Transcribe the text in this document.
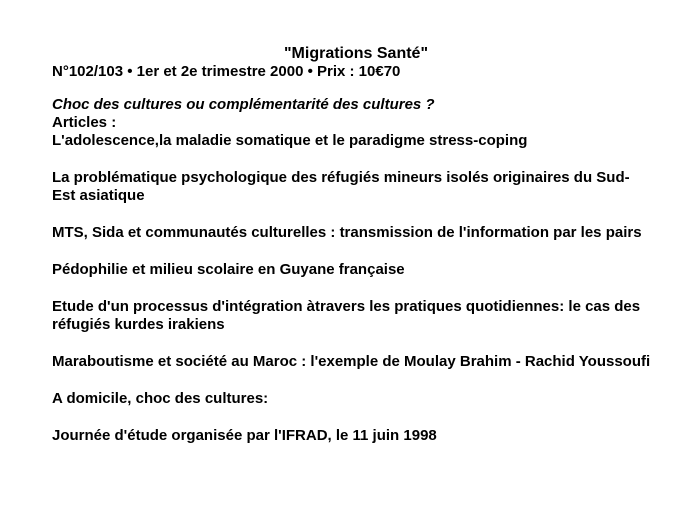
"Migrations Santé"

N°102/103 • 1er et 2e trimestre 2000 • Prix : 10€70

Choc des cultures ou complémentarité des cultures ?

Articles :

L'adolescence,la maladie somatique et le paradigme stress-coping

La problématique psychologique des réfugiés mineurs isolés originaires du Sud-Est asiatique

MTS, Sida et communautés culturelles : transmission de l'information par les pairs

Pédophilie et milieu scolaire en Guyane française

Etude d'un processus d'intégration àtravers les pratiques quotidiennes: le cas des réfugiés kurdes irakiens

Maraboutisme et société au Maroc : l'exemple de Moulay Brahim - Rachid Youssoufi

A domicile, choc des cultures:

Journée d'étude organisée par l'IFRAD, le 11 juin 1998
